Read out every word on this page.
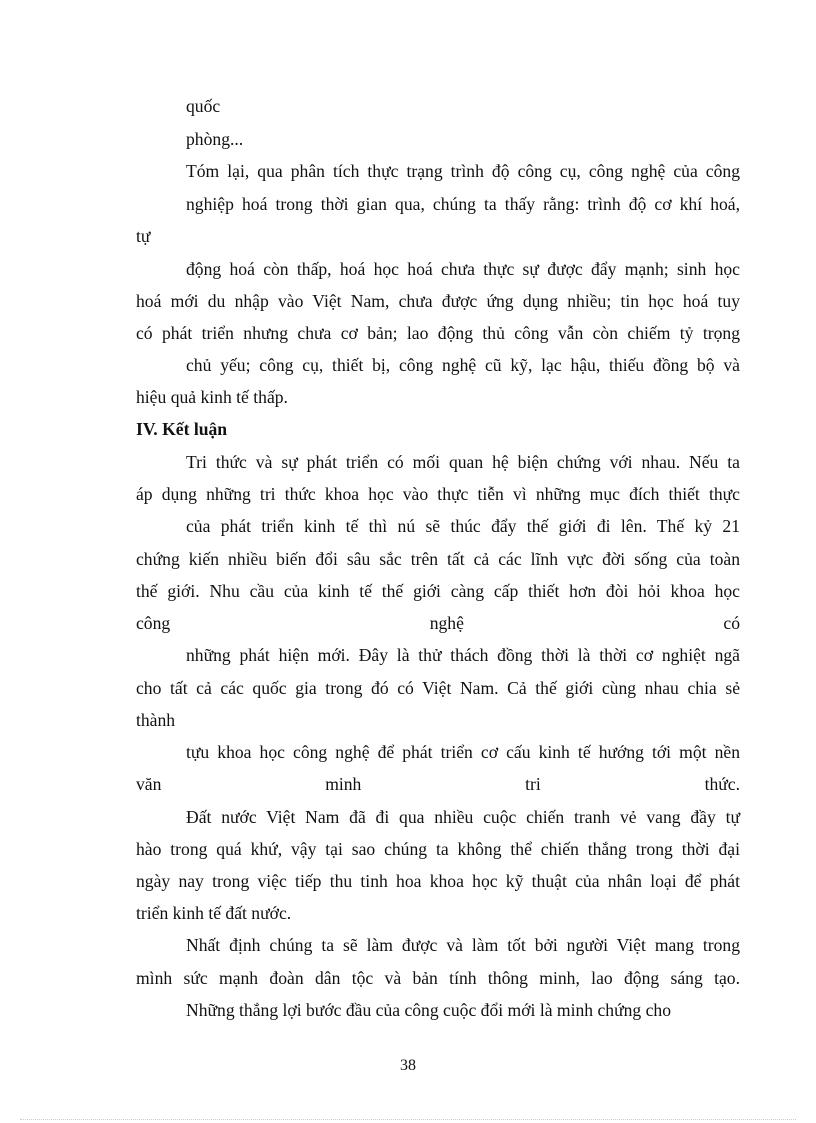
quốc
phòng...
Tóm lại, qua phân tích thực trạng trình độ công cụ, công nghệ của công
nghiệp hoá trong thời gian qua, chúng ta thấy rằng: trình độ cơ khí hoá,
tự
động hoá còn thấp, hoá học hoá chưa thực sự được đẩy mạnh; sinh học
hoá mới du nhập vào Việt Nam, chưa được ứng dụng nhiều; tin học hoá tuy
có phát triển nhưng chưa cơ bản; lao động thủ công vẫn còn chiếm tỷ trọng
chủ yếu; công cụ, thiết bị, công nghệ cũ kỹ, lạc hậu, thiếu đồng bộ và
hiệu quả kinh tế thấp.
IV. Kết luận
Tri thức và sự phát triển có mối quan hệ biện chứng với nhau. Nếu ta
áp dụng những tri thức khoa học vào thực tiễn vì những mục đích thiết thực
của phát triển kinh tế thì nú sẽ thúc đẩy thế giới đi lên. Thế kỷ 21
chứng kiến nhiều biến đổi sâu sắc trên tất cả các lĩnh vực đời sống của toàn
thế giới. Nhu cầu của kinh tế thế giới càng cấp thiết hơn đòi hỏi khoa học
công nghệ có
những phát hiện mới. Đây là thử thách đồng thời là thời cơ nghiệt ngã
cho tất cả các quốc gia trong đó có Việt Nam. Cả thế giới cùng nhau chia sẻ
thành
tựu khoa học công nghệ để phát triển cơ cấu kinh tế hướng tới một nền
văn minh tri thức.
Đất nước Việt Nam đã đi qua nhiều cuộc chiến tranh vẻ vang đầy tự
hào trong quá khứ, vậy tại sao chúng ta không thể chiến thắng trong thời đại
ngày nay trong việc tiếp thu tinh hoa khoa học kỹ thuật của nhân loại để phát
triển kinh tế đất nước.
Nhất định chúng ta sẽ làm được và làm tốt bởi người Việt mang trong
mình sức mạnh đoàn dân tộc và bản tính thông minh, lao động sáng tạo.
Những thắng lợi bước đầu của công cuộc đổi mới là minh chứng cho
38
